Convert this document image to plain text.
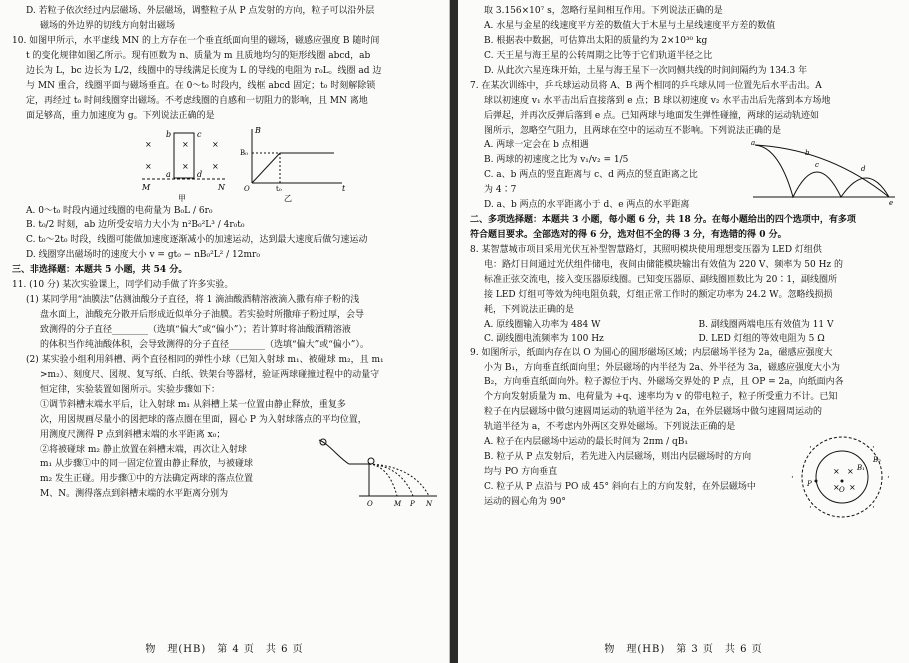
D. 若粒子依次经过内层磁场、外层磁场，调整粒子从 P 点发射的方向，粒子可以沿外层
磁场的外边界的切线方向射出磁场
10. 如图甲所示，水平虚线 MN 的上方存在一个垂直纸面向里的磁场，磁感应强度 B 随时间
t 的变化规律如图乙所示。现有匝数为 n、质量为 m 且质地均匀的矩形线圈 abcd，ab
边长为 L，bc 边长为 L/2，线圈中的导线满足长度为 L 的导线的电阻为 r₀L。线圈 ad 边
与 MN 重合，线圈平面与磁场垂直。在 0～t₀ 时段内，线框 abcd 固定；t₀ 时刻解除锁
定，再经过 t₀ 时间线圈穿出磁场。不考虑线圈的自感和一切阻力的影响，且 MN 离地
面足够高，重力加速度为 g。下列说法正确的是
×
×
×
×
×
×
b	c
a	d
M	N
甲
B
t
O
B₀
t₀
乙
A. 0～t₀ 时段内通过线圈的电荷量为 B₀L / 6r₀
B. t₀/2 时刻，ab 边所受安培力大小为 n²B₀²L³ / 4r₀t₀
C. t₀～2t₀ 时段，线圈可能做加速度逐渐减小的加速运动，达到最大速度后做匀速运动
D. 线圈穿出磁场时的速度大小 v = gt₀ − nB₀²L² / 12mr₀
三、非选择题：本题共 5 小题，共 54 分。
11. (10 分) 某次实验课上，同学们动手做了许多实验。
(1) 某同学用“油膜法”估测油酸分子直径，将 1 滴油酸酒精溶液滴入撒有痱子粉的浅
盘水面上，油酸充分散开后形成近似单分子油膜。若实验时所撒痱子粉过厚，会导
致测得的分子直径________（选填“偏大”或“偏小”）；若计算时将油酸酒精溶液
的体积当作纯油酸体积，会导致测得的分子直径________（选填“偏大”或“偏小”）。
(2) 某实验小组利用斜槽、两个直径相同的弹性小球（已知入射球 m₁、被碰球 m₂，且 m₁
>m₂）、刻度尺、図规、复写纸、白纸、铁架台等器材，验证两球碰撞过程中的动量守
恒定律，实验装置如图所示。实验步骤如下：
①调节斜槽末端水平后，让入射球 m₁ 从斜槽上某一位置由静止释放，重复多
次，用図规画尽量小的図把球的落点圈在里面，圆心 P 为入射球落点的平均位置，
用测度尺测得 P 点到斜槽末端的水平距离 x₀；
②将被碰球 m₂ 静止放置在斜槽末端，再次让入射球
m₁ 从步骤①中的同一固定位置由静止释放，与被碰球
m₂ 发生正碰。用步骤①中的方法确定两球的落点位置
M、N。测得落点到斜槽末端的水平距离分别为
O	M P N
物　理(HB)　第 4 页　共 6 页
取 3.156×10⁷ s，忽略行星间相互作用。下列说法正确的是
A. 水星与金星的线速度平方差的数值大于木星与土星线速度平方差的数值
B. 根据表中数据，可估算出太阳的质量约为 2×10³⁰ kg
C. 天王星与海王星的公转周期之比等于它们轨道半径之比
D. 从此次六星连珠开始，土星与海王星下一次同侧共线的时间间隔约为 134.3 年
7. 在某次训练中，乒乓球运动员将 A、B 两个相同的乒乓球从同一位置先后水平击出。A
球以初速度 v₁ 水平击出后直接落到 e 点；B 球以初速度 v₂ 水平击出后先落到本方场地
后弹起，并再次反弹后落到 e 点。已知两球与地面发生弹性碰撞，两球的运动轨迹如
图所示，忽略空气阻力，且两球在空中的运动互不影响。下列说法正确的是
A. 两球一定会在 b 点相遇
B. 两球的初速度之比为 v₁/v₂ = 1/5
C. a、b 两点的竖直距离与 c、d 两点的竖直距离之比
为 4∶7
D. a、b 两点的水平距离小于 d、e 两点的水平距离
a
b
c	d
e
二、多项选择题：本题共 3 小题，每小题 6 分，共 18 分。在每小题给出的四个选项中，有多项
符合题目要求。全部选对的得 6 分，选对但不全的得 3 分，有选错的得 0 分。
8. 某智慧城市项目采用光伏互补型智慧路灯，其照明模块使用理想变压器为 LED 灯组供
电：路灯日间通过光伏组件储电，夜间由储能模块输出有效值为 220 V、频率为 50 Hz 的
标准正弦交流电，接入变压器原线圈。已知变压器原、副线圈匝数比为 20∶1，副线圈所
接 LED 灯组可等效为纯电阻负载，灯组正常工作时的额定功率为 24.2 W。忽略线损损
耗，下列说法正确的是
A. 原线圈输入功率为 484 W	B. 副线圈两端电压有效值为 11 V
C. 副线圈电流频率为 100 Hz	D. LED 灯组的等效电阻为 5 Ω
9. 如图所示，纸面内存在以 O 为圆心的圆形磁场区域；内层磁场半径为 2a，磁感应强度大
小为 B₁，方向垂直纸面向里；外层磁场的内半径为 2a、外半径为 3a，磁感应强度大小为
B₂，方向垂直纸面向外。粒子源位于内、外磁场交界处的 P 点，且 OP = 2a，向纸面内各
个方向发射质量为 m、电荷量为 +q、速率均为 v 的带电粒子，粒子所受重力不计。已知
粒子在内层磁场中做匀速圆周运动的轨道半径为 2a，在外层磁场中做匀速圆周运动的
轨道半径为 a，不考虑内外两区交界处磁场。下列说法正确的是
A. 粒子在内层磁场中运动的最长时间为 2πm / qB₁
B. 粒子从 P 点发射后，若先进入内层磁场，则出内层磁场时的方向
均与 PO 方向垂直
C. 粒子从 P 点沿与 PO 成 45° 斜向右上的方向发射，在外层磁场中
运动的圆心角为 90°
× ×
× ×
·	·
·	·
·	·
P
O
B₁
B₂
物　理(HB)　第 3 页　共 6 页
